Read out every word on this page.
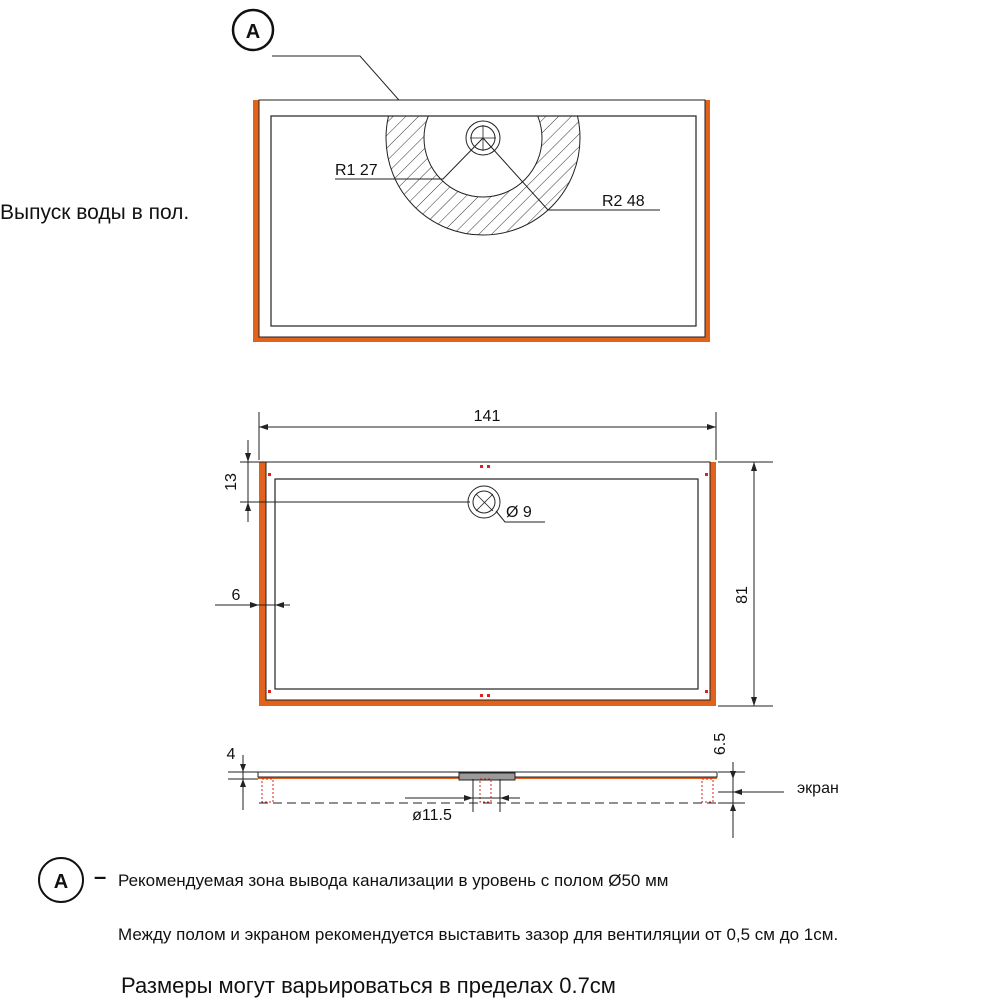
A
R1 27
R2 48
141
Ø 9
13
6	81
4
ø11.5
6.5
экран
A
Выпуск воды в пол.
– Рекомендуемая зона вывода канализации в уровень с полом Ø50 мм
Между полом и экраном рекомендуется выставить зазор для вентиляции от 0,5 см до 1см.
Размеры могут варьироваться в пределах 0.7см
